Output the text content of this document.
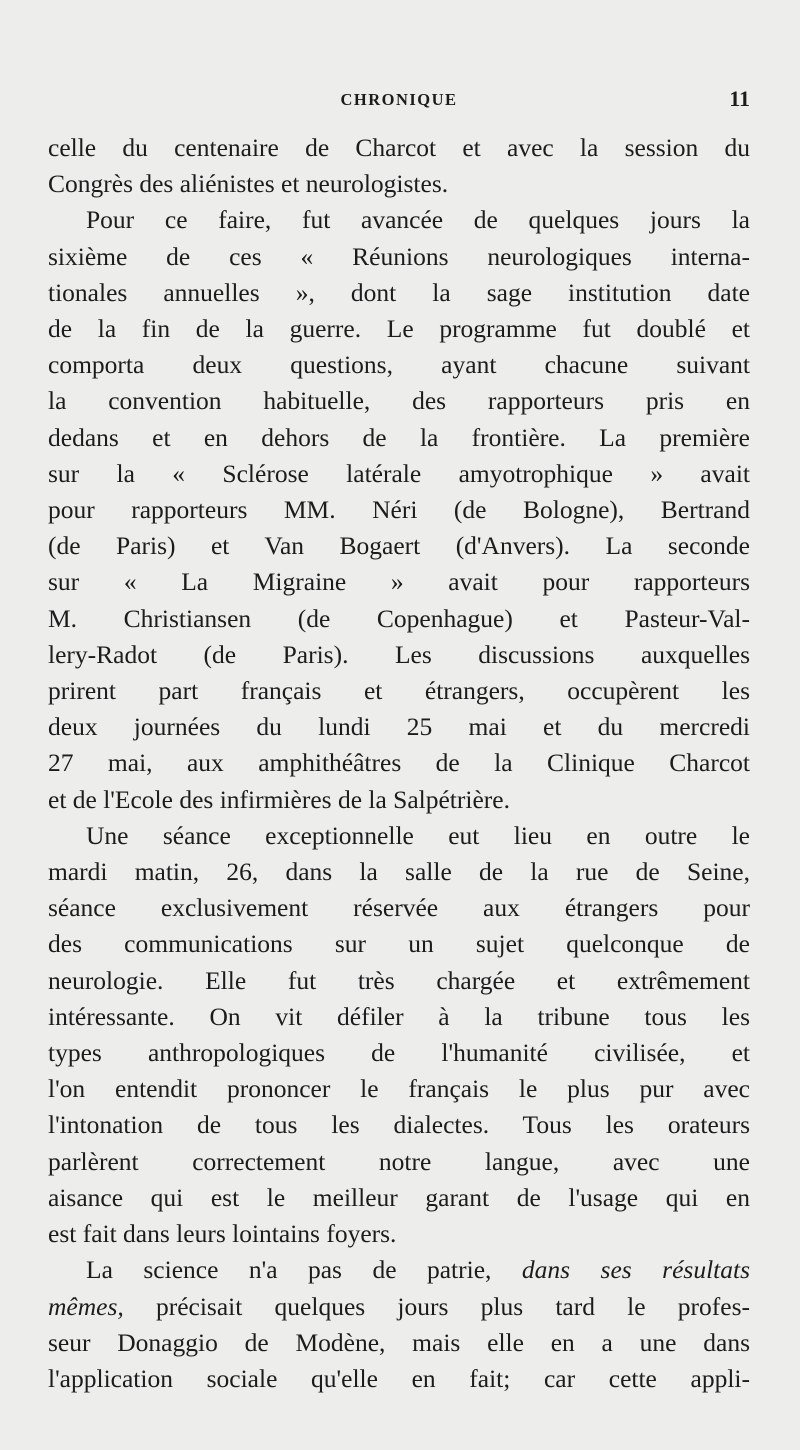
CHRONIQUE	11

celle du centenaire de Charcot et avec la session du
Congrès des aliénistes et neurologistes.

Pour ce faire, fut avancée de quelques jours la
sixième de ces « Réunions neurologiques interna-
tionales annuelles », dont la sage institution date
de la fin de la guerre. Le programme fut doublé et
comporta deux questions, ayant chacune suivant
la convention habituelle, des rapporteurs pris en
dedans et en dehors de la frontière. La première
sur la « Sclérose latérale amyotrophique » avait
pour rapporteurs MM. Néri (de Bologne), Bertrand
(de Paris) et Van Bogaert (d'Anvers). La seconde
sur « La Migraine » avait pour rapporteurs
M. Christiansen (de Copenhague) et Pasteur-Val-
lery-Radot (de Paris). Les discussions auxquelles
prirent part français et étrangers, occupèrent les
deux journées du lundi 25 mai et du mercredi
27 mai, aux amphithéâtres de la Clinique Charcot
et de l'Ecole des infirmières de la Salpétrière.

Une séance exceptionnelle eut lieu en outre le
mardi matin, 26, dans la salle de la rue de Seine,
séance exclusivement réservée aux étrangers pour
des communications sur un sujet quelconque de
neurologie. Elle fut très chargée et extrêmement
intéressante. On vit défiler à la tribune tous les
types anthropologiques de l'humanité civilisée, et
l'on entendit prononcer le français le plus pur avec
l'intonation de tous les dialectes. Tous les orateurs
parlèrent correctement notre langue, avec une
aisance qui est le meilleur garant de l'usage qui en
est fait dans leurs lointains foyers.

La science n'a pas de patrie, dans ses résultats
mêmes, précisait quelques jours plus tard le profes-
seur Donaggio de Modène, mais elle en a une dans
l'application sociale qu'elle en fait; car cette appli-
